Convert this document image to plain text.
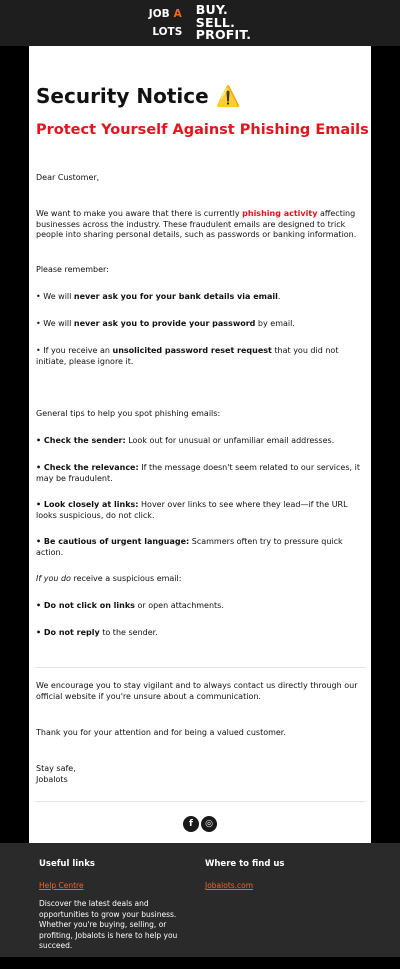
JOB A
LOTS
BUY.
SELL.
PROFIT.
Security Notice ⚠️
Protect Yourself Against Phishing Emails
Dear Customer,
We want to make you aware that there is currently phishing activity affecting businesses across the industry. These fraudulent emails are designed to trick people into sharing personal details, such as passwords or banking information.
Please remember:
• We will never ask you for your bank details via email.
• We will never ask you to provide your password by email.
• If you receive an unsolicited password reset request that you did not initiate, please ignore it.
General tips to help you spot phishing emails:
• Check the sender: Look out for unusual or unfamiliar email addresses.
• Check the relevance: If the message doesn't seem related to our services, it may be fraudulent.
• Look closely at links: Hover over links to see where they lead—if the URL looks suspicious, do not click.
• Be cautious of urgent language: Scammers often try to pressure quick action.
If you do receive a suspicious email:
• Do not click on links or open attachments.
• Do not reply to the sender.
We encourage you to stay vigilant and to always contact us directly through our official website if you're unsure about a communication.
Thank you for your attention and for being a valued customer.
Stay safe,
Jobalots
f	◎
Useful links
Help Centre
Discover the latest deals and opportunities to grow your business. Whether you're buying, selling, or profiting, Jobalots is here to help you succeed.
Where to find us
Jobalots.com
